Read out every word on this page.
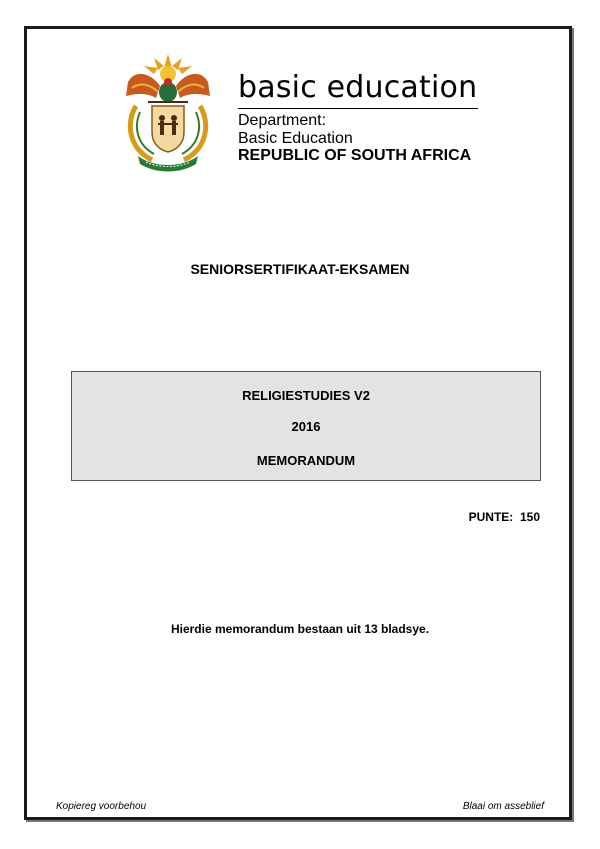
basic education
Department:
Basic Education
REPUBLIC OF SOUTH AFRICA
SENIORSERTIFIKAAT-EKSAMEN
RELIGIESTUDIES V2
2016
MEMORANDUM
PUNTE: 150
Hierdie memorandum bestaan uit 13 bladsye.
Kopiereg voorbehou	Blaai om asseblief
